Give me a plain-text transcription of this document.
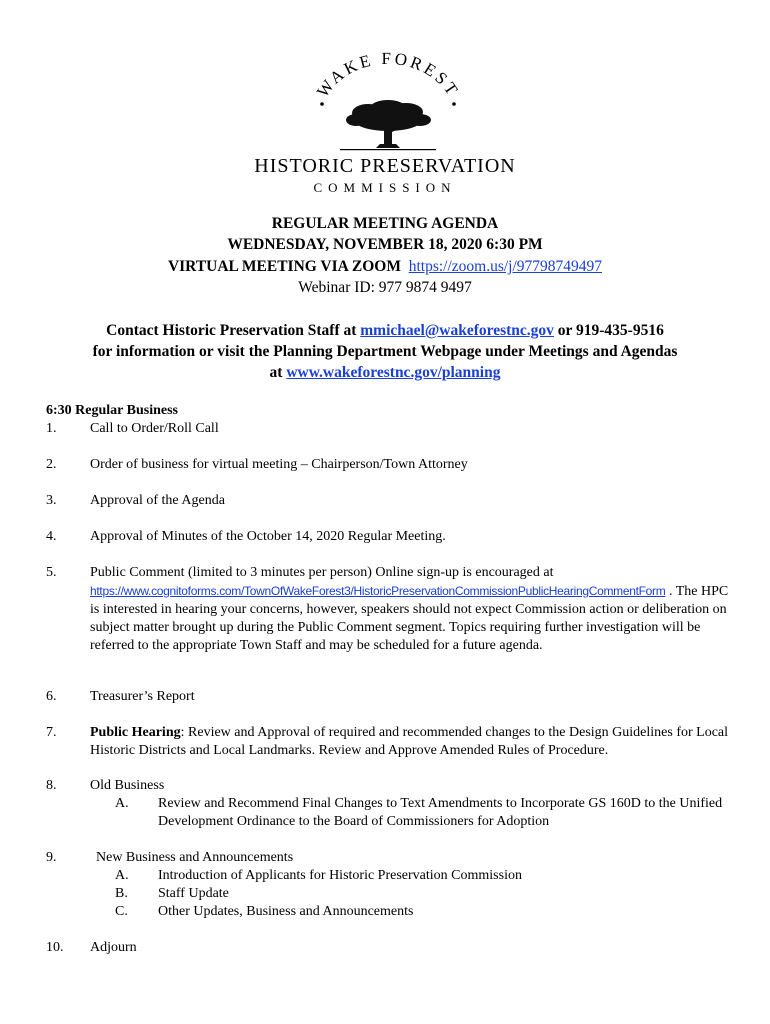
WAKE FOREST
HISTORIC PRESERVATION
COMMISSION
REGULAR MEETING AGENDA
WEDNESDAY, NOVEMBER 18, 2020 6:30 PM
VIRTUAL MEETING VIA ZOOM https://zoom.us/j/97798749497
Webinar ID: 977 9874 9497
Contact Historic Preservation Staff at mmichael@wakeforestnc.gov or 919-435-9516
for information or visit the Planning Department Webpage under Meetings and Agendas
at www.wakeforestnc.gov/planning
6:30 Regular Business
1.	Call to Order/Roll Call
2.	Order of business for virtual meeting – Chairperson/Town Attorney
3.	Approval of the Agenda
4.	Approval of Minutes of the October 14, 2020 Regular Meeting.
5.	Public Comment (limited to 3 minutes per person) Online sign-up is encouraged at
https://www.cognitoforms.com/TownOfWakeForest3/HistoricPreservationCommissionPublicHearingCommentForm . The HPC is interested in hearing your concerns, however, speakers should not expect Commission action or deliberation on subject matter brought up during the Public Comment segment. Topics requiring further investigation will be referred to the appropriate Town Staff and may be scheduled for a future agenda.
6.	Treasurer’s Report
7.	Public Hearing: Review and Approval of required and recommended changes to the Design Guidelines for Local Historic Districts and Local Landmarks. Review and Approve Amended Rules of Procedure.
8.	Old Business
A.	Review and Recommend Final Changes to Text Amendments to Incorporate GS 160D to the Unified Development Ordinance to the Board of Commissioners for Adoption
9.	New Business and Announcements
A.	Introduction of Applicants for Historic Preservation Commission
B.	Staff Update
C.	Other Updates, Business and Announcements
10.	Adjourn
